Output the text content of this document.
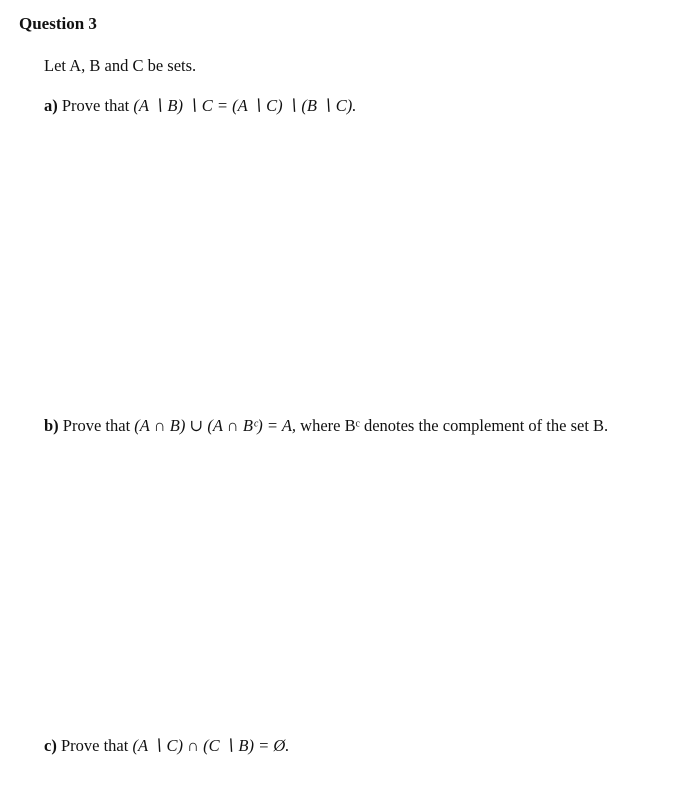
Question 3

Let A, B and C be sets.

a) Prove that (A ∖ B) ∖ C = (A ∖ C) ∖ (B ∖ C).

b) Prove that (A ∩ B) ∪ (A ∩ Bᶜ) = A, where Bᶜ denotes the complement of the set B.

c) Prove that (A ∖ C) ∩ (C ∖ B) = Ø.
